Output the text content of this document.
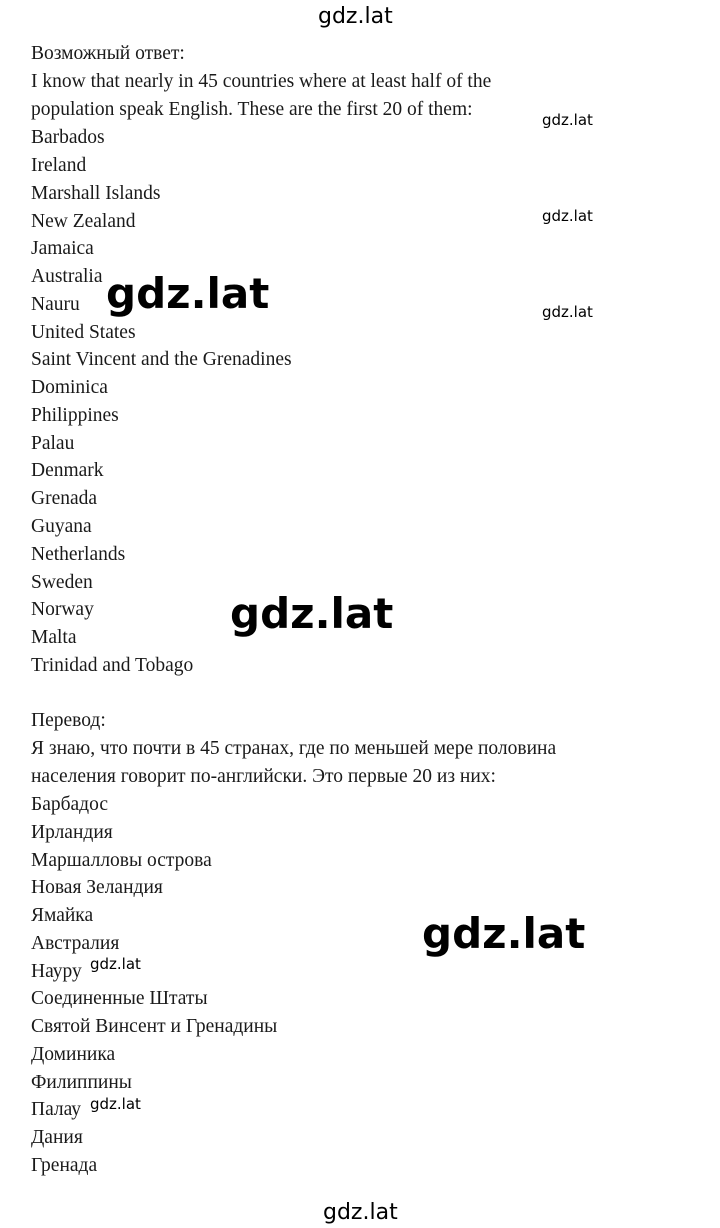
gdz.lat
gdz.lat
gdz.lat
gdz.lat
gdz.lat
gdz.lat
gdz.lat
gdz.lat
gdz.lat
gdz.lat
Возможный ответ:
I know that nearly in 45 countries where at least half of the
population speak English. These are the first 20 of them:
Barbados
Ireland
Marshall Islands
New Zealand
Jamaica
Australia
Nauru
United States
Saint Vincent and the Grenadines
Dominica
Philippines
Palau
Denmark
Grenada
Guyana
Netherlands
Sweden
Norway
Malta
Trinidad and Tobago
Перевод:
Я знаю, что почти в 45 странах, где по меньшей мере половина
населения говорит по-английски. Это первые 20 из них:
Барбадос
Ирландия
Маршалловы острова
Новая Зеландия
Ямайка
Австралия
Науру
Соединенные Штаты
Святой Винсент и Гренадины
Доминика
Филиппины
Палау
Дания
Гренада
